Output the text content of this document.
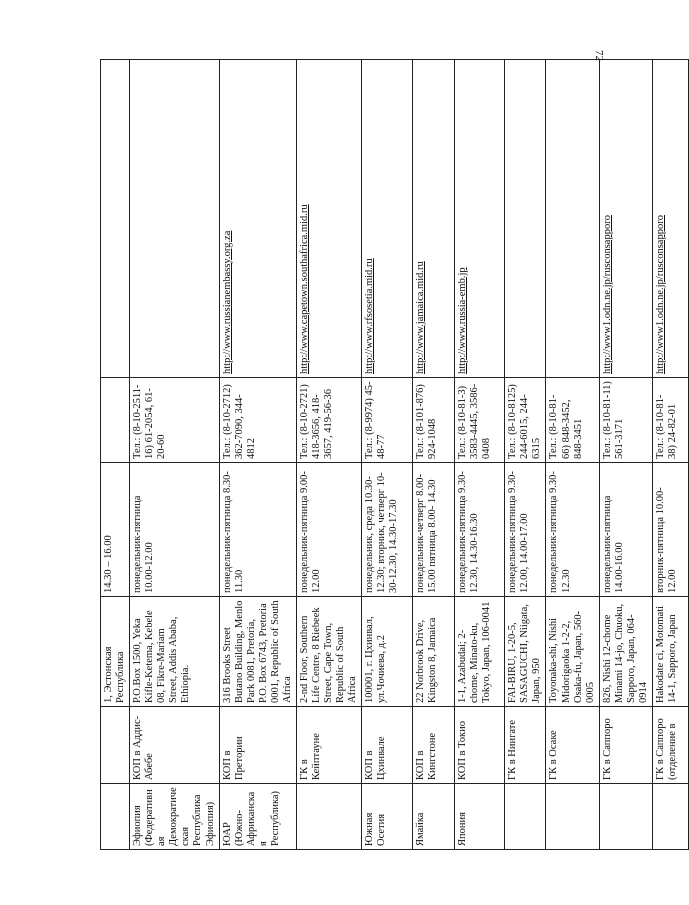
72
		1, Эстонская Республика	14.30 – 16.00		
Эфиопия (Федеративная Демократическая Республика Эфиопия)	КОП в Аддис-Абебе	P.O.Box 1500, Yeka Kifle-Ketema, Kebele 08, Fikre-Mariam Street, Addis Ababa, Ethiopia.	понедельник-пятница 10.00-12.00	Тел.: (8-10-2511-16) 61-2054, 61-20-60	
ЮАР (Южно-Африканская Республика)	КОП в Претории	316 Brooks Street Butano Building, Menlo Park 0081, Pretoria, P.O. Box 6743, Pretoria 0001, Republic of South Africa	понедельник-пятница 8.30-11.30	Тел.: (8-10-2712) 362-7090, 344-4812	http://www.russianembassy.org.za
	ГК в Кейптауне	2-nd Floor, Southern Life Centre, 8 Riebeek Street, Cape Town, Republic of South Africa	понедельник-пятница 9.00-12.00	Тел.: (8-10-2721) 418-3656, 418-3657, 419-56-36	http://www.capetown.southafrica.mid.ru
Южная Осетия	КОП в Цхинвале	100001, г. Цхинвал, ул.Чочиева, д.2	понедельник, среда 10.30-12.30; вторник, четверг 10-30-12.30, 14.30-17.30	Тел.: (8-9974) 45-48-77	http://www.rfsosetia.mid.ru
Ямайка	КОП в Кингстоне	22 Norbrook Drive, Kingston 8, Jamaica	понедельник-четверг 8.00-15.00 пятница 8.00- 14.30	Тел.: (8-101-876) 924-1048	http://www.jamaica.mid.ru
Япония	КОП в Токио	1-1, Azabudai; 2-chome, Minato-ku, Tokyo, Japan, 106-0041	понедельник-пятница 9.30-12.30, 14.30-16.30	Тел.: (8-10-81-3) 3583-4445, 3586-0408	http://www.russia-emb.jp
	ГК в Ниигате	FAI-BIRU, 1-20-5, SASAGUCHI, Niigata, Japan, 950	понедельник-пятница 9.30-12.00, 14.00-17.00	Тел.: (8-10-8125) 244-6015, 244-6315	
	ГК в Осаке	Toyonaka-shi, Nishi Midorigaoka 1-2-2, Osaka-fu, Japan, 560-0005	понедельник-пятница 9.30-12.30	Тел.: (8-10-81-66) 848-3452, 848-3451	
	ГК в Саппоро	826, Nishi 12-chome Minami 14-jo, Chuoku, Sapporo, Japan, 064-0914	понедельник-пятница 14.00-16.00	Тел.: (8-10-81-11) 561-3171	http://www1.odn.ne.jp/rusconsapporo
	ГК в Саппоро (отделение в	Hakodate ci, Motomati 14-1, Sapporo, Japan	вторник-пятница 10.00-12.00	Тел.: (8-10-81-38) 24-82-01	http://www1.odn.ne.jp/rusconsapporo
